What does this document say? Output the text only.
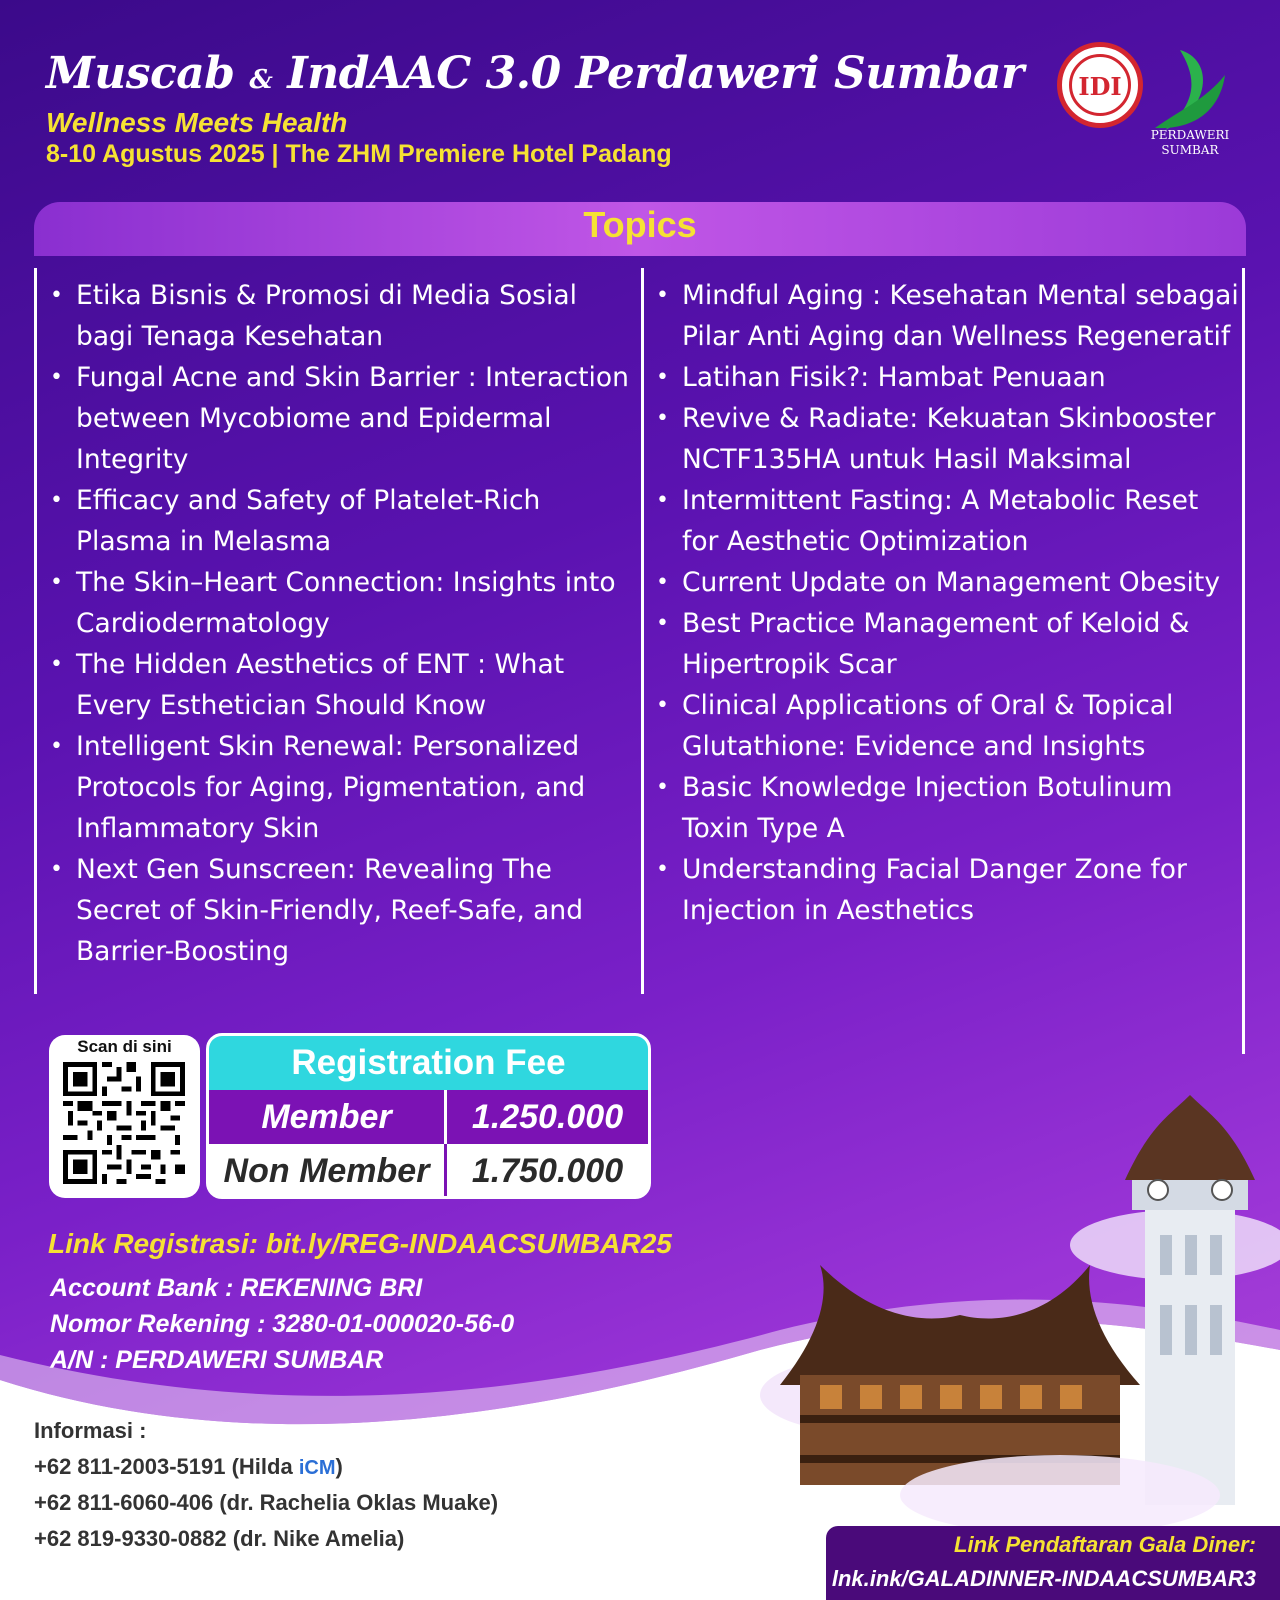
Muscab & IndAAC 3.0 Perdaweri Sumbar
Wellness Meets Health
8-10 Agustus 2025 | The ZHM Premiere Hotel Padang
IDI
PERDAWERI
SUMBAR
Topics
• Etika Bisnis & Promosi di Media Sosial bagi Tenaga Kesehatan
• Fungal Acne and Skin Barrier : Interaction between Mycobiome and Epidermal Integrity
• Efficacy and Safety of Platelet-Rich Plasma in Melasma
• The Skin–Heart Connection: Insights into Cardiodermatology
• The Hidden Aesthetics of ENT : What Every Esthetician Should Know
• Intelligent Skin Renewal: Personalized Protocols for Aging, Pigmentation, and Inflammatory Skin
• Next Gen Sunscreen: Revealing The Secret of Skin-Friendly, Reef-Safe, and Barrier-Boosting
• Mindful Aging : Kesehatan Mental sebagai Pilar Anti Aging dan Wellness Regeneratif
• Latihan Fisik?: Hambat Penuaan
• Revive & Radiate: Kekuatan Skinbooster NCTF135HA untuk Hasil Maksimal
• Intermittent Fasting: A Metabolic Reset for Aesthetic Optimization
• Current Update on Management Obesity
• Best Practice Management of Keloid & Hipertropik Scar
• Clinical Applications of Oral & Topical Glutathione: Evidence and Insights
• Basic Knowledge Injection Botulinum Toxin Type A
• Understanding Facial Danger Zone for Injection in Aesthetics
Scan di sini	Registration Fee
Member	1.250.000
Non Member	1.750.000
Link Registrasi: bit.ly/REG-INDAACSUMBAR25
Account Bank : REKENING BRI
Nomor Rekening : 3280-01-000020-56-0
A/N : PERDAWERI SUMBAR
Informasi :
+62 811-2003-5191 (Hilda iCM)
+62 811-6060-406 (dr. Rachelia Oklas Muake)
+62 819-9330-0882 (dr. Nike Amelia)	Link Pendaftaran Gala Diner:
lnk.ink/GALADINNER-INDAACSUMBAR3
